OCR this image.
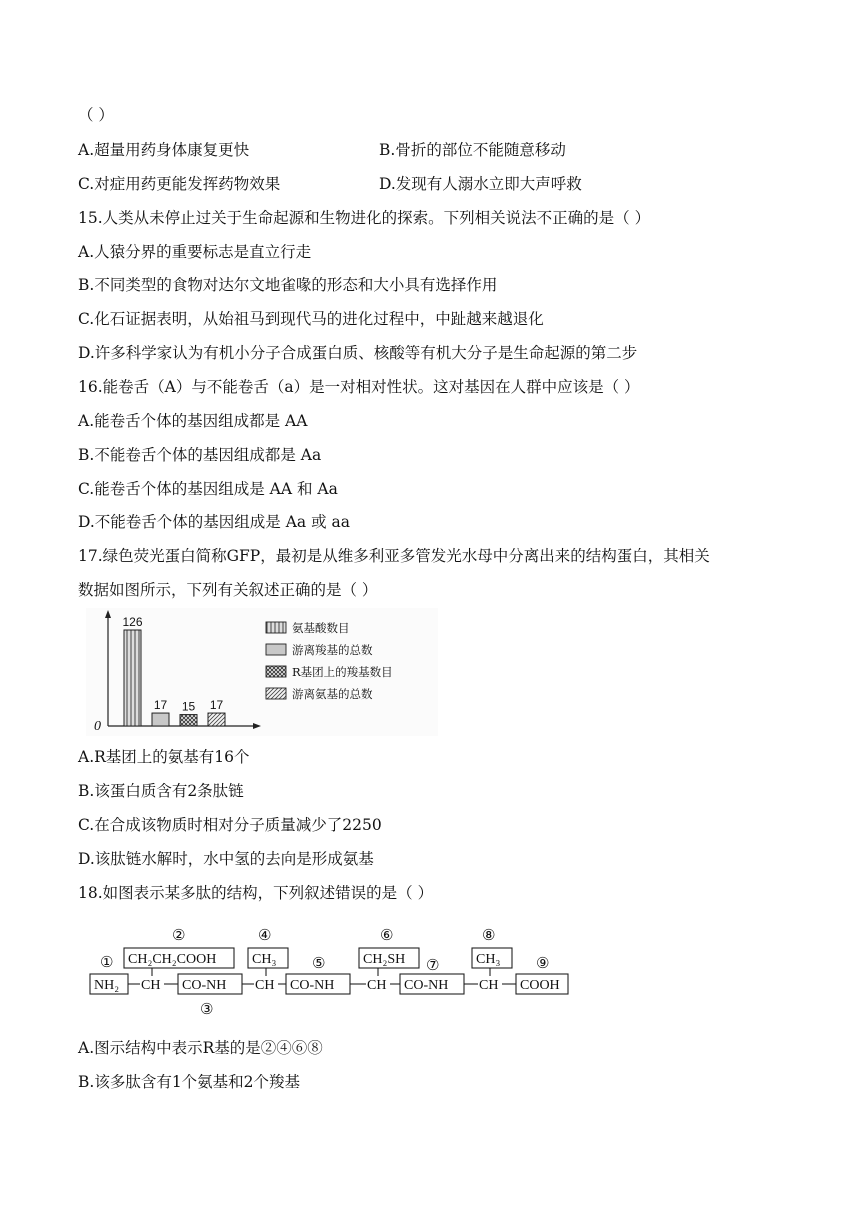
（ ）
A.超量用药身体康复更快	B.骨折的部位不能随意移动
C.对症用药更能发挥药物效果	D.发现有人溺水立即大声呼救
15.人类从未停止过关于生命起源和生物进化的探索。下列相关说法不正确的是（ ）
A.人猿分界的重要标志是直立行走
B.不同类型的食物对达尔文地雀喙的形态和大小具有选择作用
C.化石证据表明，从始祖马到现代马的进化过程中，中趾越来越退化
D.许多科学家认为有机小分子合成蛋白质、核酸等有机大分子是生命起源的第二步
16.能卷舌（A）与不能卷舌（a）是一对相对性状。这对基因在人群中应该是（ ）
A.能卷舌个体的基因组成都是 AA
B.不能卷舌个体的基因组成都是 Aa
C.能卷舌个体的基因组成是 AA 和 Aa
D.不能卷舌个体的基因组成是 Aa 或 aa
17.绿色荧光蛋白简称GFP，最初是从维多利亚多管发光水母中分离出来的结构蛋白，其相关
数据如图所示，下列有关叙述正确的是（ ）
0
126
17 15 17
氨基酸数目
游离羧基的总数
R基团上的羧基数目
游离氨基的总数
A.R基团上的氨基有16个
B.该蛋白质含有2条肽链
C.在合成该物质时相对分子质量减少了2250
D.该肽链水解时，水中氢的去向是形成氨基
18.如图表示某多肽的结构，下列叙述错误的是（ ）
NH₂
CH₂CH₂COOH
CH CO-NH
CH₃
CH CO-NH
CH₂SH
CH CO-NH
CH₃
CH COOH
①
②
③
④
⑤
⑥
⑦
⑧
⑨
A.图示结构中表示R基的是②④⑥⑧
B.该多肽含有1个氨基和2个羧基
